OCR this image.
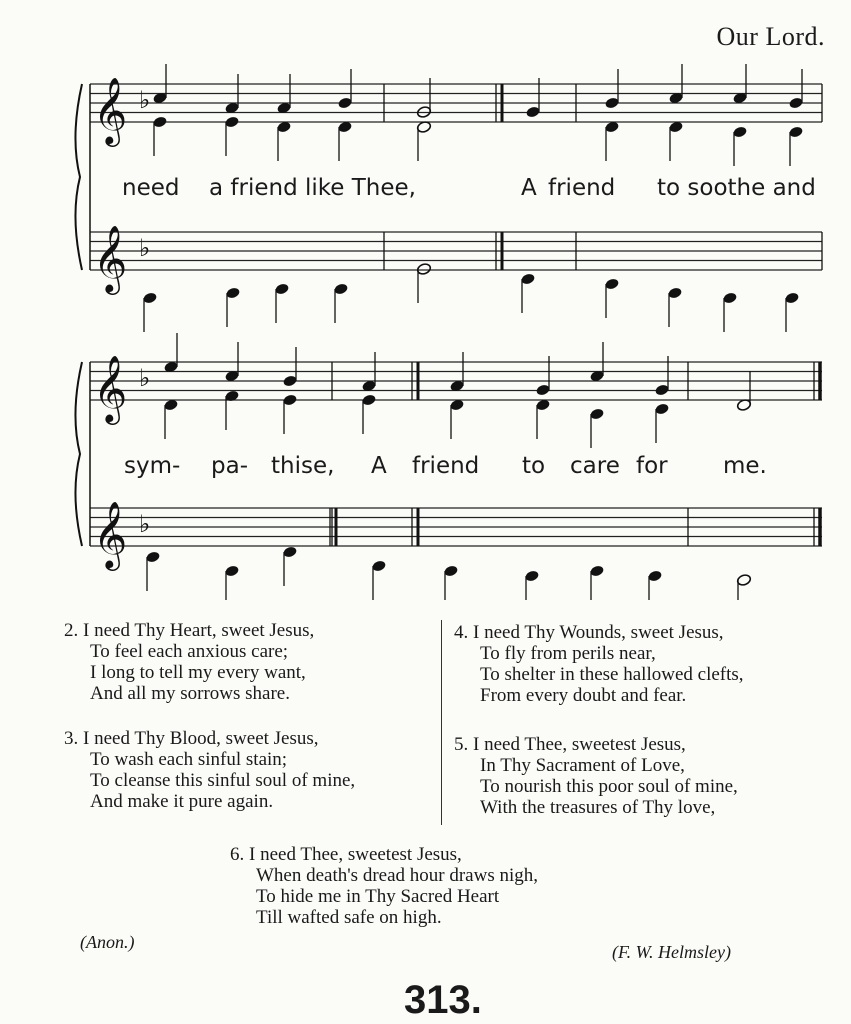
Our Lord.
𝄞 ♭
𝄞 ♭
𝄞 ♭
𝄞 ♭
need a friend like Thee,	A friend to soothe and
sym- pa- thise, A friend to care for me.
2. I need Thy Heart, sweet Jesus,
To feel each anxious care;
I long to tell my every want,
And all my sorrows share.
3. I need Thy Blood, sweet Jesus,
To wash each sinful stain;
To cleanse this sinful soul of mine,
And make it pure again.
4. I need Thy Wounds, sweet Jesus,
To fly from perils near,
To shelter in these hallowed clefts,
From every doubt and fear.
5. I need Thee, sweetest Jesus,
In Thy Sacrament of Love,
To nourish this poor soul of mine,
With the treasures of Thy love,
6. I need Thee, sweetest Jesus,
When death's dread hour draws nigh,
To hide me in Thy Sacred Heart
Till wafted safe on high.
(Anon.)	(F. W. Helmsley)
313.
